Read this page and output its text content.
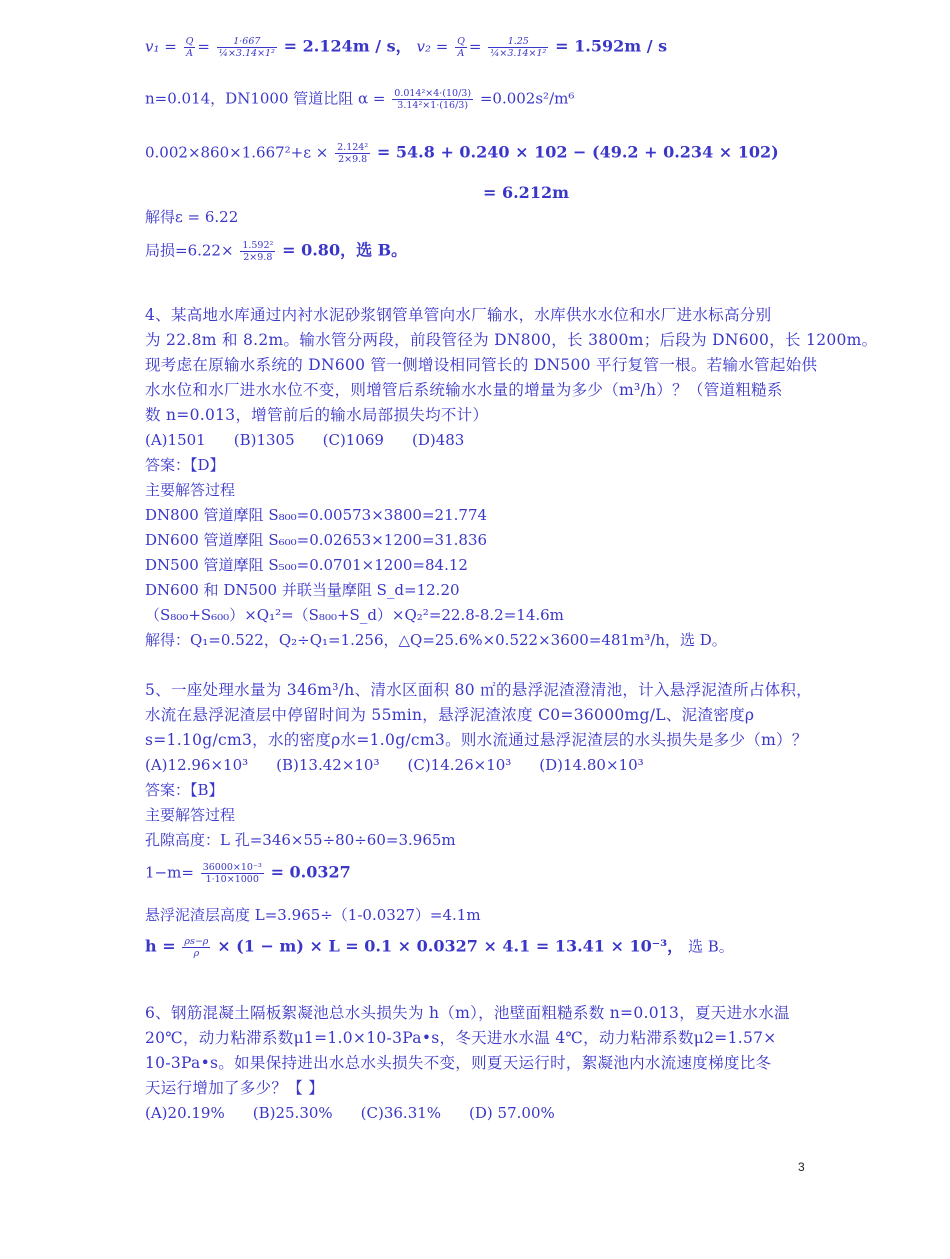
$v_1 = \frac{Q}{A} = \frac{1\cdot 667}{\text{¼×3.14×1²}} = 2.124m / s$， $v_2 = \frac{Q}{A} = \frac{1.25}{\text{¼×3.14×1²}} = 1.592m / s$
n=0.014，DN1000 管道比阻 $\alpha = \frac{\text{0.014²×4·(10/3)}}{\text{3.14²×1·(16/3)}} =0.002s^2/m^6$
$0.002\times 860\times 1.667^2+\varepsilon \times \frac{\text{2.124²}}{2\times 9.8} = 54.8 + 0.240 \times 102 - (49.2 + 0.234 \times 102)$
= 6.212m
解得ε = 6.22
局损$=6.22\times \frac{\text{1.592²}}{2\times 9.8} = 0.80$，选 B。
4、某高地水库通过内衬水泥砂浆钢管单管向水厂输水，水库供水水位和水厂进水标高分别
为 22.8m 和 8.2m。输水管分两段，前段管径为 DN800，长 3800m；后段为 DN600，长 1200m。
现考虑在原输水系统的 DN600 管一侧增设相同管长的 DN500 平行复管一根。若输水管起始供
水水位和水厂进水水位不变，则增管后系统输水水量的增量为多少（m³/h）？（管道粗糙系
数 n=0.013，增管前后的输水局部损失均不计）
(A)1501 (B)1305 (C)1069 (D)483
答案：【D】
主要解答过程
DN800 管道摩阻 S₈₀₀=0.00573×3800=21.774
DN600 管道摩阻 S₆₀₀=0.02653×1200=31.836
DN500 管道摩阻 S₅₀₀=0.0701×1200=84.12
DN600 和 DN500 并联当量摩阻 S_d=12.20
（S₈₀₀+S₆₀₀）×Q₁²=（S₈₀₀+S_d）×Q₂²=22.8-8.2=14.6m
解得：Q₁=0.522，Q₂÷Q₁=1.256，△Q=25.6%×0.522×3600=481m³/h，选 D。
5、一座处理水量为 346m³/h、清水区面积 80 ㎡的悬浮泥渣澄清池，计入悬浮泥渣所占体积，
水流在悬浮泥渣层中停留时间为 55min，悬浮泥渣浓度 C0=36000mg/L、泥渣密度ρ
s=1.10g/cm3，水的密度ρ水=1.0g/cm3。则水流通过悬浮泥渣层的水头损失是多少（m）？
(A)12.96×10³ (B)13.42×10³ (C)14.26×10³ (D)14.80×10³
答案：【B】
主要解答过程
孔隙高度：L 孔=346×55÷80÷60=3.965m
$1-m= \frac{\text{36000×10⁻³}}{1\cdot 10\times 1000} = 0.0327$
悬浮泥渣层高度 L=3.965÷（1-0.0327）=4.1m
$h = \frac{\rho s-\rho}{\rho} \times (1 - m) \times L = 0.1 \times 0.0327 \times 4.1 = 13.41 \times 10^{-3}$， 选 B。
6、钢筋混凝土隔板絮凝池总水头损失为 h（m），池壁面粗糙系数 n=0.013，夏天进水水温
20℃，动力粘滞系数μ1=1.0×10-3Pa•s，冬天进水水温 4℃，动力粘滞系数μ2=1.57×
10-3Pa•s。如果保持进出水总水头损失不变，则夏天运行时，絮凝池内水流速度梯度比冬
天运行增加了多少？【 】
(A)20.19% (B)25.30% (C)36.31% (D) 57.00%
3
